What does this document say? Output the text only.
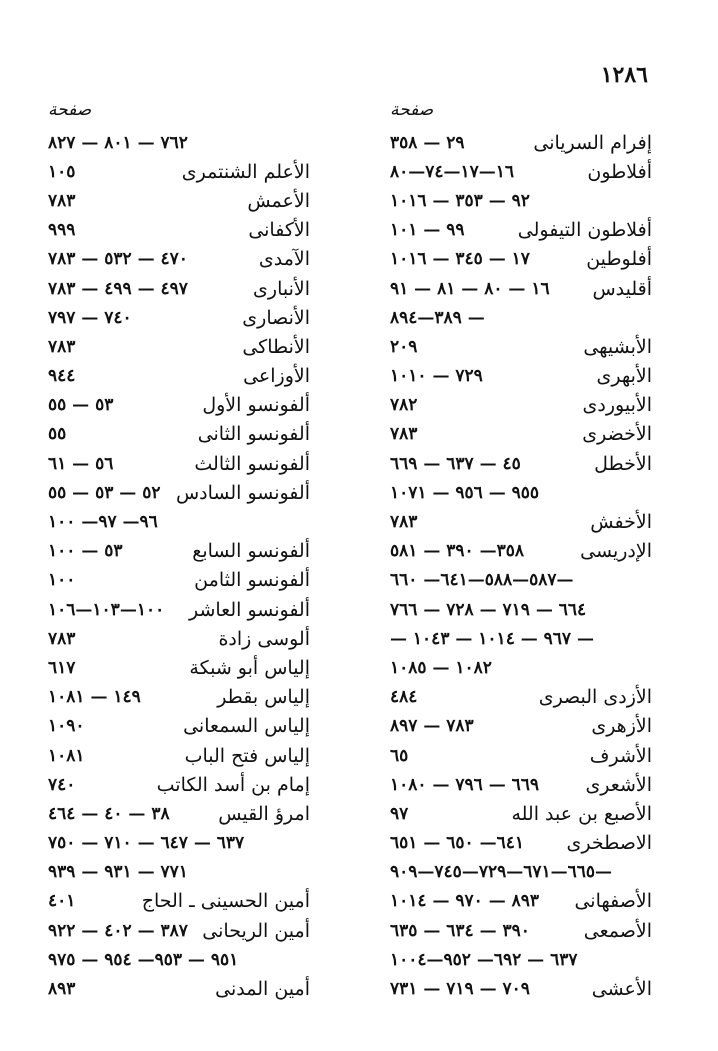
١٢٨٦
صفحة
إفرام السريانى
٢٩ — ٣٥٨
أفلاطون
١٦—١٧—٧٤—٨٠
٩٢ — ٣٥٣ — ١٠١٦
أفلاطون التيفولى
٩٩ — ١٠١
أفلوطين
١٧ — ٣٤٥ — ١٠١٦
أقليدس
١٦ — ٨٠ — ٨١ — ٩١
— ٣٨٩—٨٩٤
الأبشيهى
٢٠٩
الأبهرى
٧٢٩ — ١٠١٠
الأبيوردى
٧٨٢
الأخضرى
٧٨٣
الأخطل
٤٥ — ٦٣٧ — ٦٦٩
٩٥٥ — ٩٥٦ — ١٠٧١
الأخفش
٧٨٣
الإدريسى
٣٥٨— ٣٩٠ — ٥٨١
—٥٨٧—٥٨٨—٦٤١— ٦٦٠
٦٦٤ — ٧١٩ — ٧٢٨ — ٧٦٦
— ٩٦٧ — ١٠١٤ — ١٠٤٣ —
١٠٨٢ — ١٠٨٥
الأزدى البصرى
٤٨٤
الأزهرى
٧٨٣ — ٨٩٧
الأشرف
٦٥
الأشعرى
٦٦٩ — ٧٩٦ — ١٠٨٠
الأصبع بن عبد الله
٩٧
الاصطخرى
٦٤١— ٦٥٠ — ٦٥١
—٦٦٥—٦٧١—٧٢٩—٧٤٥—٩٠٩
الأصفهانى
٨٩٣ — ٩٧٠ — ١٠١٤
الأصمعى
٣٩٠ — ٦٣٤ — ٦٣٥
٦٣٧ — ٦٩٢— ٩٥٢—١٠٠٤
الأعشى
٧٠٩ — ٧١٩ — ٧٣١
صفحة
٧٦٢ — ٨٠١ — ٨٢٧
الأعلم الشنتمرى
١٠٥
الأعمش
٧٨٣
الأكفانى
٩٩٩
الآمدى
٤٧٠ — ٥٣٢ — ٧٨٣
الأنبارى
٤٩٧ — ٤٩٩ — ٧٨٣
الأنصارى
٧٤٠ — ٧٩٧
الأنطاكى
٧٨٣
الأوزاعى
٩٤٤
ألفونسو الأول
٥٣ — ٥٥
ألفونسو الثانى
٥٥
ألفونسو الثالث
٥٦ — ٦١
ألفونسو السادس
٥٢ — ٥٣ — ٥٥
٩٦— ٩٧— ١٠٠
ألفونسو السابع
٥٣ — ١٠٠
ألفونسو الثامن
١٠٠
ألفونسو العاشر
١٠٠—١٠٣—١٠٦
ألوسى زادة
٧٨٣
إلياس أبو شبكة
٦١٧
إلياس بقطر
١٤٩ — ١٠٨١
إلياس السمعانى
١٠٩٠
إلياس فتح الباب
١٠٨١
إمام بن أسد الكاتب
٧٤٠
امرؤ القيس
٣٨ — ٤٠ — ٤٦٤
٦٣٧ — ٦٤٧ — ٧١٠ — ٧٥٠
٧٧١ — ٩٣١ — ٩٣٩
أمين الحسينى ـ الحاج
٤٠١
أمين الريحانى
٣٨٧ — ٤٠٢ — ٩٢٢
٩٥١ — ٩٥٣— ٩٥٤ — ٩٧٥
أمين المدنى
٨٩٣
